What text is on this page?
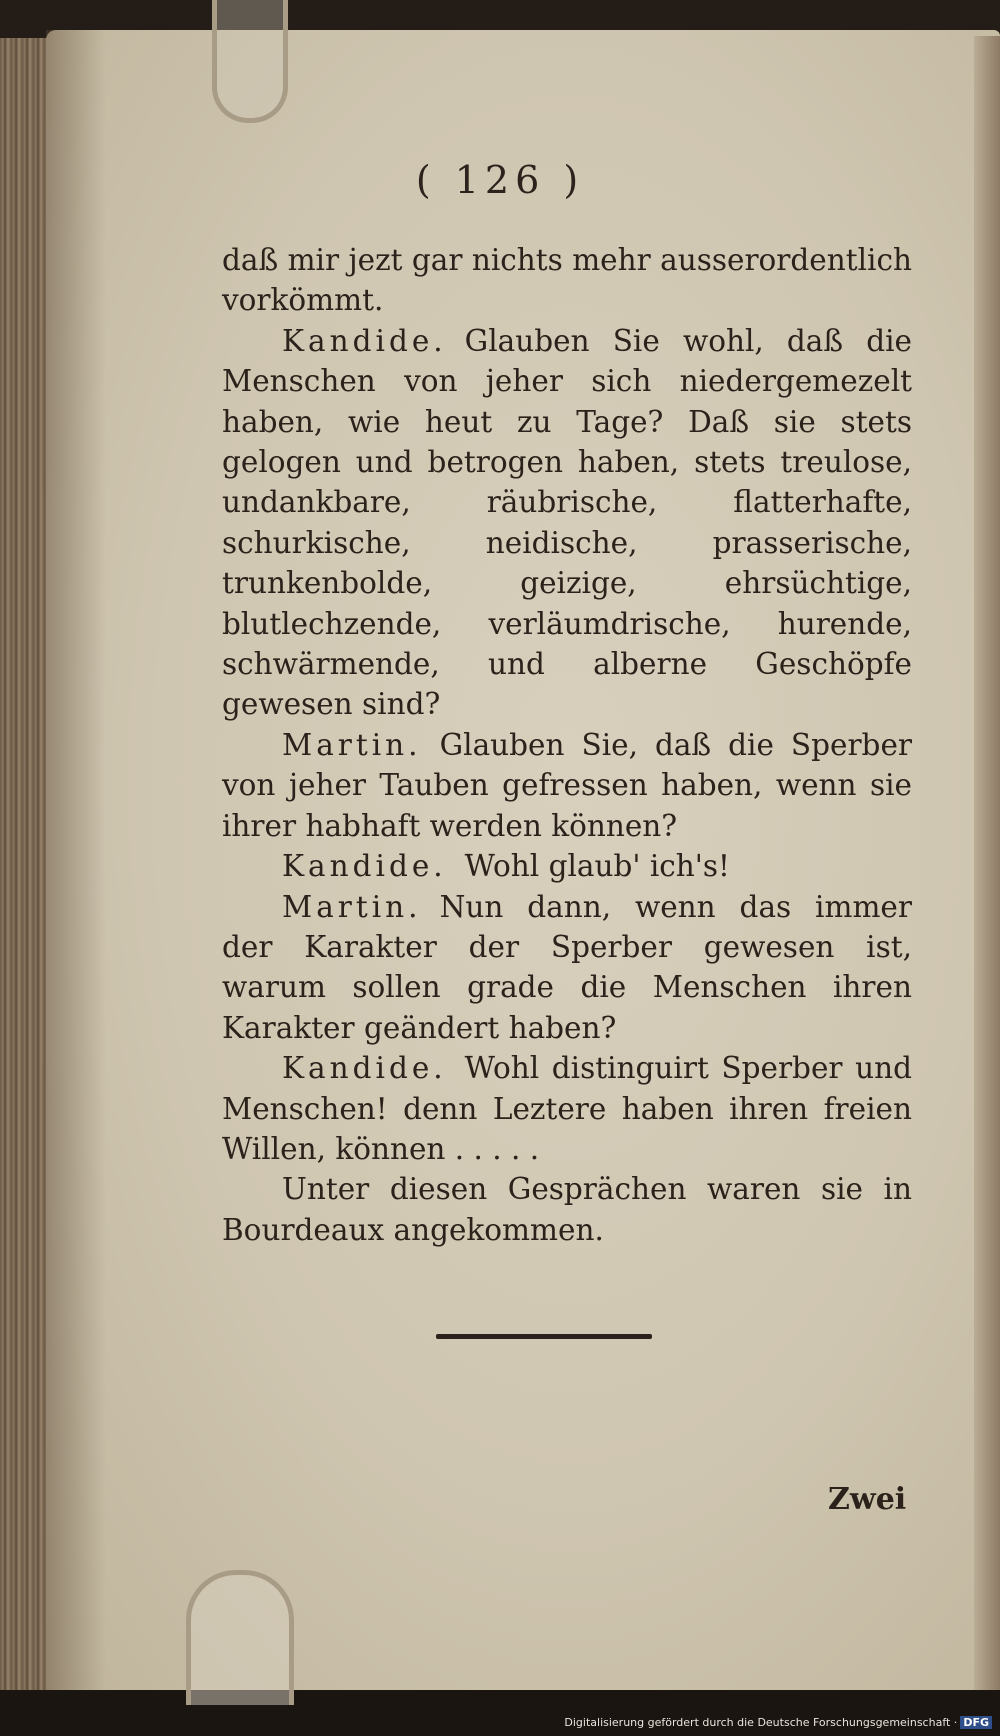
( 126 )

daß mir jezt gar nichts mehr ausserordentlich vorkömmt.

Kandide. Glauben Sie wohl, daß die Menschen von jeher sich niedergemezelt haben, wie heut zu Tage? Daß sie stets gelogen und betrogen haben, stets treulose, undankbare, räubrische, flatterhafte, schurkische, neidische, prasserische, trunkenbolde, geizige, ehrsüchtige, blutlechzende, verläumdrische, hurende, schwärmende, und alberne Geschöpfe gewesen sind?

Martin. Glauben Sie, daß die Sperber von jeher Tauben gefressen haben, wenn sie ihrer habhaft werden können?

Kandide. Wohl glaub' ich's!

Martin. Nun dann, wenn das immer der Karakter der Sperber gewesen ist, warum sollen grade die Menschen ihren Karakter geändert haben?

Kandide. Wohl distinguirt Sperber und Menschen! denn Leztere haben ihren freien Willen, können . . . . .

Unter diesen Gesprächen waren sie in Bourdeaux angekommen.

Zwei
Digitalisierung gefördert durch die Deutsche Forschungsgemeinschaft · DFG
